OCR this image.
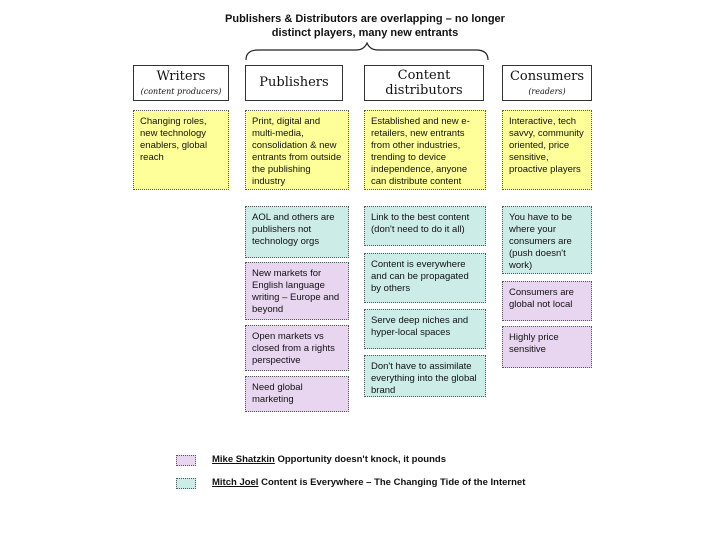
Publishers & Distributors are overlapping – no longer
distinct players, many new entrants
Writers
(content producers)
Publishers	Content distributors
Consumers
(readers)
Changing roles, new technology enablers, global reach
Print, digital and multi-media, consolidation & new entrants from outside the publishing industry
Established and new e-retailers, new entrants from other industries, trending to device independence, anyone can distribute content
Interactive, tech savvy, community oriented, price sensitive, proactive players
AOL and others are publishers not technology orgs
New markets for English language writing – Europe and beyond
Open markets vs closed from a rights perspective
Need global marketing
Link to the best content (don't need to do it all)
Content is everywhere and can be propagated by others
Serve deep niches and hyper-local spaces
Don't have to assimilate everything into the global brand
You have to be where your consumers are (push doesn't work)
Consumers are global not local
Highly price sensitive
Mike Shatzkin Opportunity doesn't knock, it pounds
Mitch Joel Content is Everywhere – The Changing Tide of the Internet
